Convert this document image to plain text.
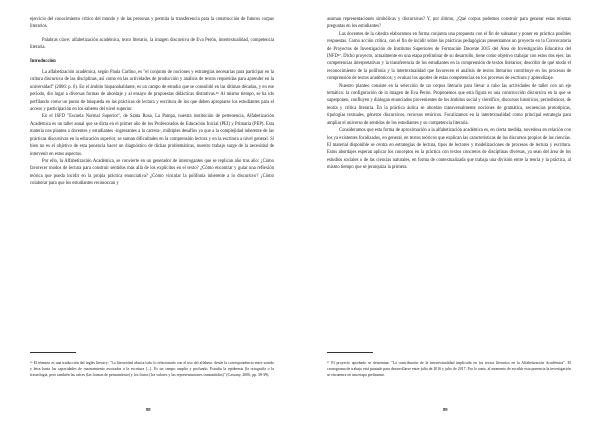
ejercicio del conocimiento crítico del mundo y de las personas y permita la transferencia para la construcción de futuros corpus literarios.

Palabras clave: alfabetización académica, texto literario, la imagen discursiva de Eva Perón, intertextualidad, competencia literaria.

Introducción

La alfabetización académica, según Paula Carlino, es "el conjunto de nociones y estrategias necesarias para participar en la cultura discursiva de las disciplinas, así como en las actividades de producción y análisis de textos requeridas para aprender en la universidad" (2006: p. 6). En el ámbito hispanohablante, es un campo de estudio que se consolidó en las últimas décadas, y en ese período, dio lugar a diversas formas de abordaje y al ensayo de propuestas didácticas distintivas.³⁶ Al mismo tiempo, se ha ido perfilando como un punto de búsqueda en las prácticas de lectura y escritura de los que deben apropiarse los estudiantes para el acceso y participación en los saberes del nivel superior.

En el ISFD "Escuela Normal Superior", de Santa Rosa, La Pampa, nuestra institución de pertenencia, Alfabetización Académica es un taller anual que se dicta en el primer año de los Profesorados de Educación Inicial (PEI) y Primaria (PEP). Esta materia nos plantea a docentes y estudiantes -ingresantes a la carrera-, múltiples desafíos ya que a la complejidad inherente de las prácticas discursivas en la educación superior, se suman dificultades en la comprensión lectora y en la escritura a nivel general. Si bien no es el objetivo de esta ponencia hacer un diagnóstico de dichas problemáticas, nuestro trabajo surge de la necesidad de intervenir en estos aspectos.

Por ello, la Alfabetización Académica, se convierte en un generador de interrogantes que se replican año tras año: ¿Cómo favorecer modos de lectura para construir sentidos más allá de los explícitos en el texto? ¿Cómo encontrar y guiar una reflexión teórica que pueda incidir en la propia práctica enunciativa? ¿Cómo vincular la polifonía inherente a lo discursivo? ¿Cómo colaborar para que los estudiantes reconozcan y

³⁶ El término es una traducción del inglés literacy: "La literacidad abarca todo lo relacionado con el uso del alfabeto: desde la correspondencia entre sonido y letra hasta las capacidades de razonamiento asociadas a la escritura [...]. Es un campo amplio y profundo. Estudia la epidermis (la ortografía o la fraseología, pero también las raíces (las formas de pensamiento) y los frutos (los valores y las representaciones transmitidas)" (Cassany, 2006, pp. 38-39).

88

asuman representaciones simbólicas y discursivas? Y, por último, ¿Qué corpus podemos construir para generar estas mismas preguntas en los estudiantes?

Las docentes de la cátedra elaboramos en forma conjunta una propuesta con el fin de subsanar y poner en práctica posibles respuestas. Como acción crítica, con el fin de incidir sobre las prácticas pedagógicas presentamos un proyecto en la Convocatoria de Proyectos de Investigación de Institutos Superiores de Formación Docente 2015 del Área de Investigación Educativa del INFD³⁷. Dicho proyecto, actualmente en una etapa preliminar de su desarrollo, tiene como objetivo trabajar con estos dos ejes: las competencias interpretativas y la transferencia de los estudiantes en la comprensión de textos literarios; describir de qué modo el reconocimiento de la polifonía y la intertextualidad que favorecen el análisis de textos literarios contribuye en los procesos de comprensión de textos académicos; y evaluar los aportes de estas competencias en los procesos de escritura y aprendizaje.

Nuestro planteo consiste en la selección de un corpus literario para llevar a cabo las actividades de taller con un eje temático: la configuración de la imagen de Eva Perón. Proponemos que esta figura es una construcción discursiva en la que se superponen, confluyen y dialogan enunciados provenientes de los ámbitos social y científico, discursos históricos, periodísticos, de teoría y crítica literaria. En la práctica áulica se abordan transversalmente nociones de gramática, secuencias prototípicas, tipologías textuales, géneros discursivos, recursos retóricos. Focalizamos en la intertextualidad como principal estrategia para ampliar el universo de sentidos de los estudiantes y su competencia literaria.

Consideramos que esta forma de aproximación a la alfabetización académica es, en cierta medida, novedosa en relación con los ya existentes focalizados, en general, en textos teóricos que explican las características de los discursos propios de las ciencias. El material disponible se centra en estrategias de lectura, tipos de lectores y modelizaciones de procesos de lectura y escritura. Estos abordajes esperan aplicar los conceptos en la práctica con textos concretos de disciplinas diversas, ya sean del área de los estudios sociales o de las ciencias naturales, en forma de contextualizada que trabaja una división entre la teoría y la práctica, al mismo tiempo que se jerarquiza la primera.

³⁷ El proyecto aprobado se denomina: "La contribución de la intertextualidad implicada en los textos literarios en la Alfabetización Académica". El cronograma de trabajo está pautado para desarrollarse entre julio de 2016 y julio de 2017. Por lo tanto, al momento de escribir esta ponencia la investigación se encuentra en una etapa preliminar.

89
